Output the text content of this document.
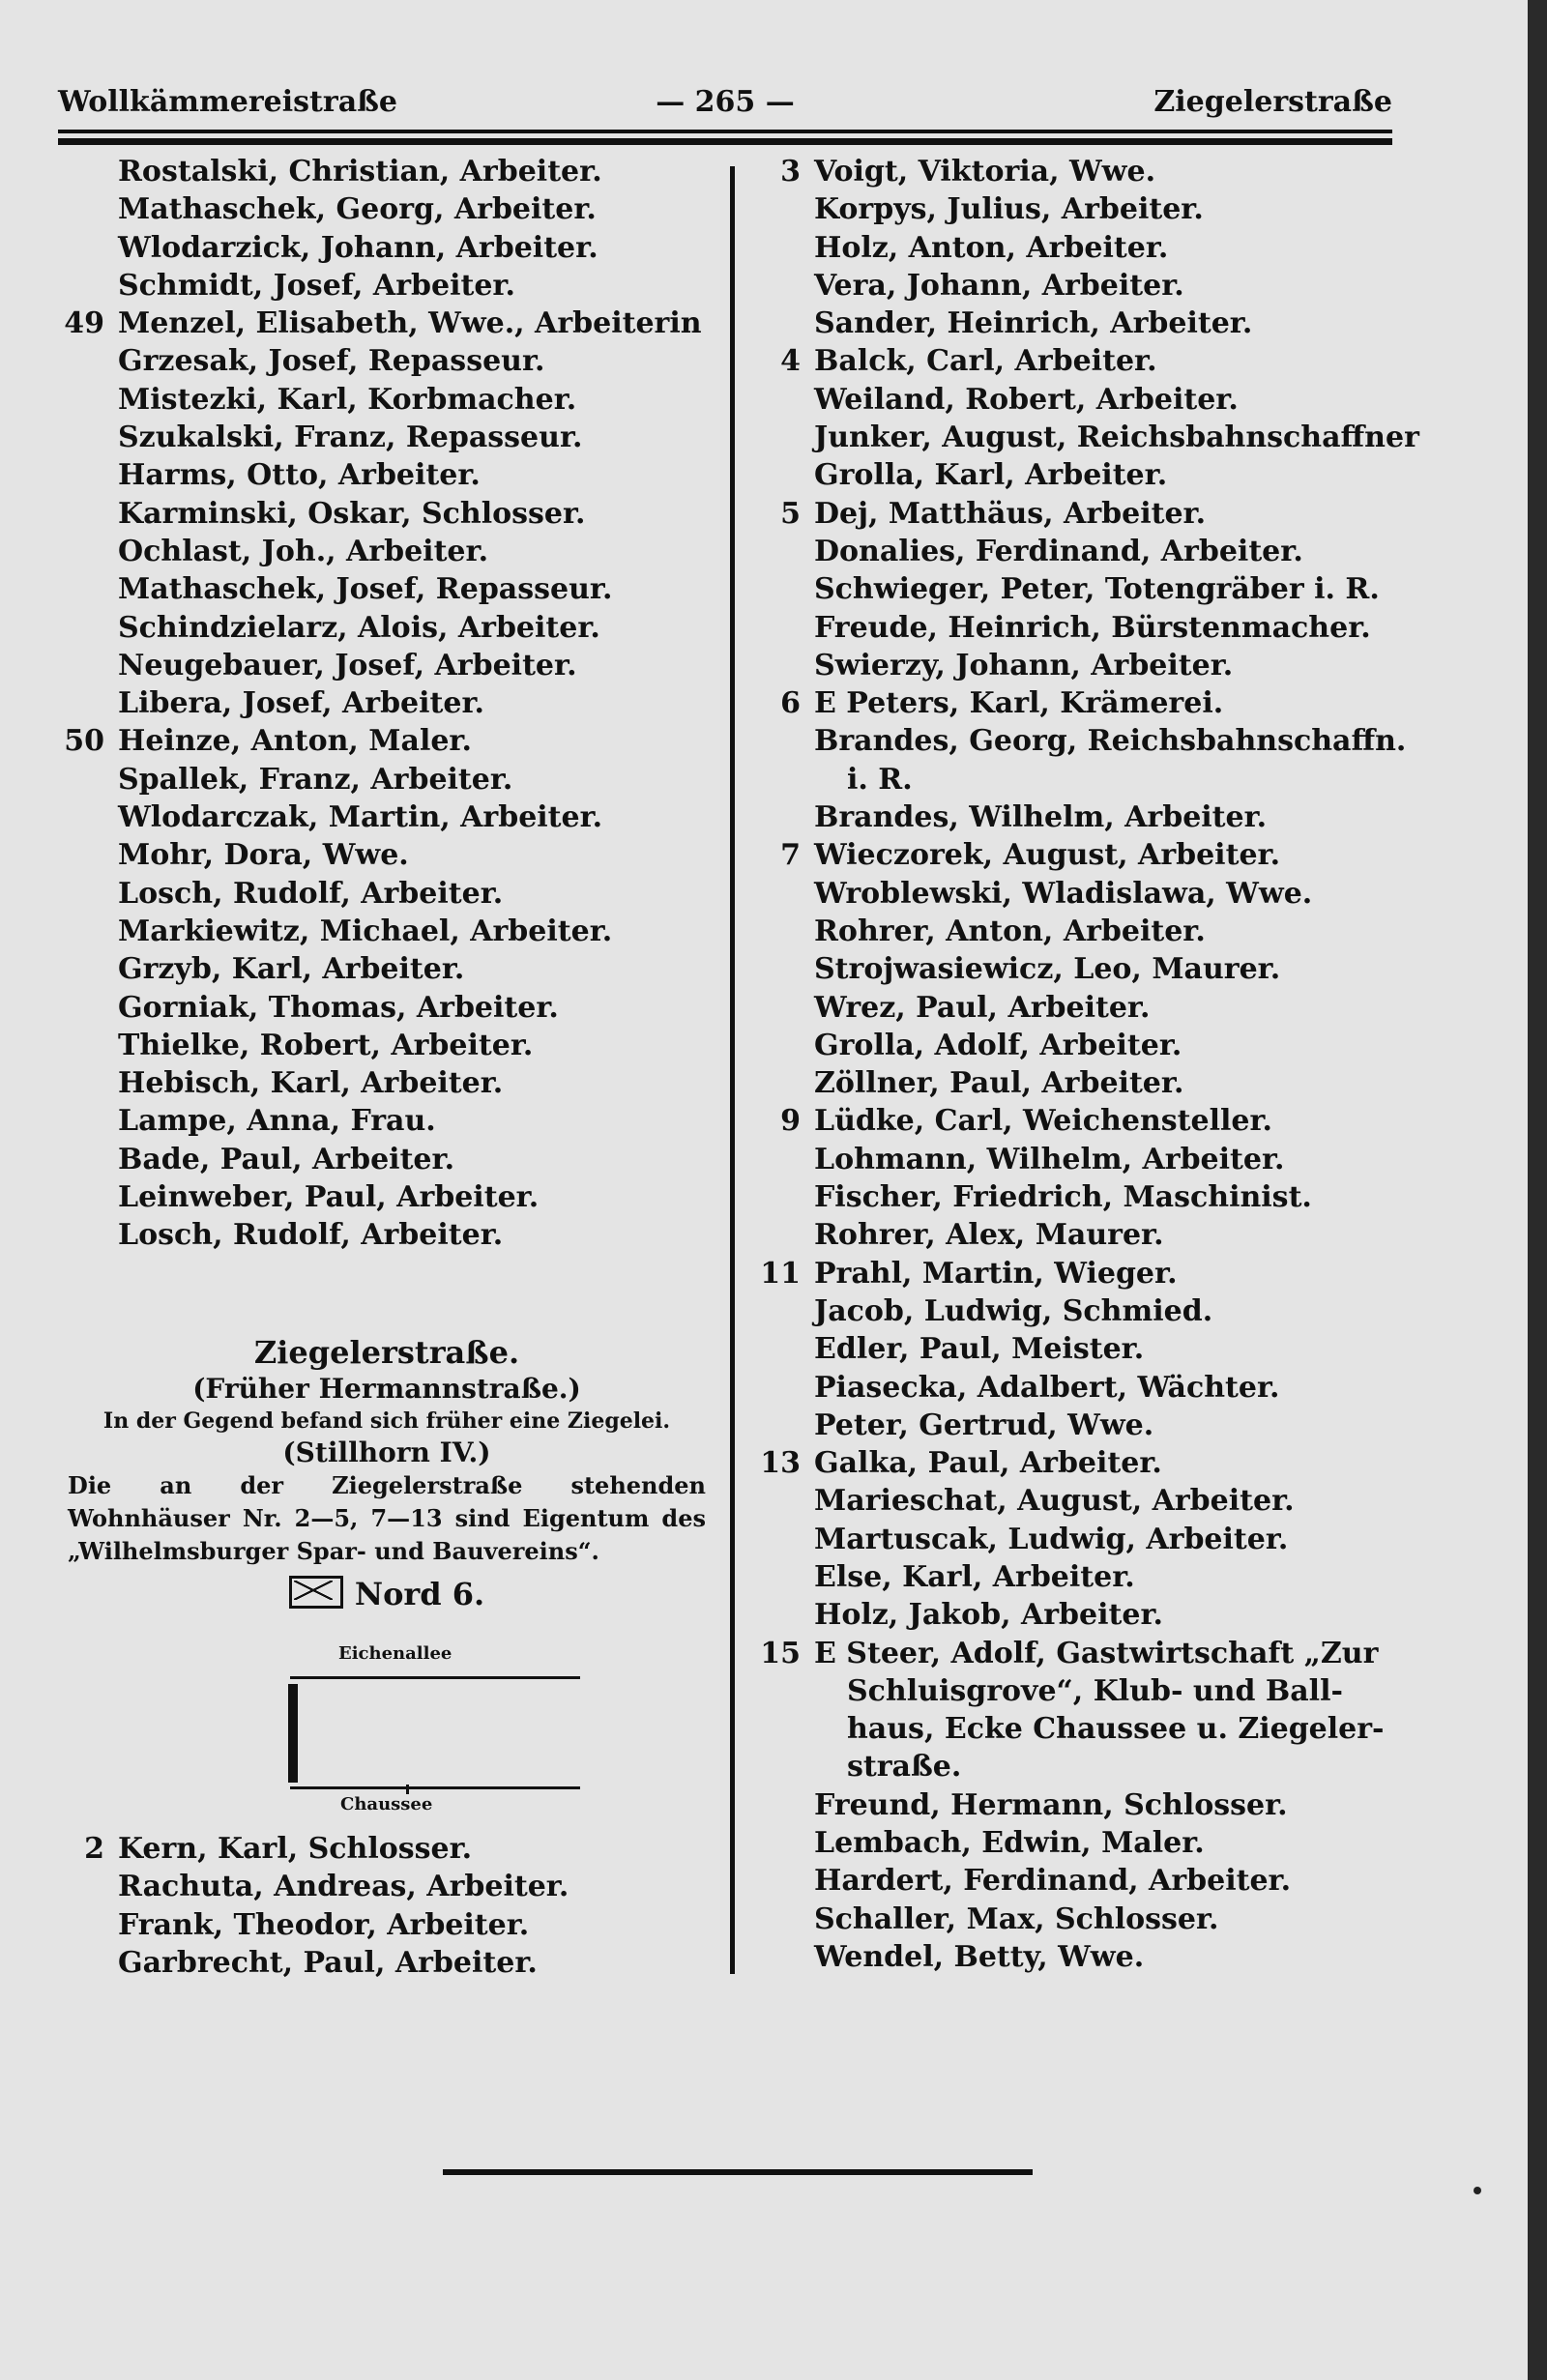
Wollkämmereistraße	— 265 —	Ziegelerstraße
Rostalski, Christian, Arbeiter.
Mathaschek, Georg, Arbeiter.
Wlodarzick, Johann, Arbeiter.
Schmidt, Josef, Arbeiter.
49 Menzel, Elisabeth, Wwe., Arbeiterin
Grzesak, Josef, Repasseur.
Mistezki, Karl, Korbmacher.
Szukalski, Franz, Repasseur.
Harms, Otto, Arbeiter.
Karminski, Oskar, Schlosser.
Ochlast, Joh., Arbeiter.
Mathaschek, Josef, Repasseur.
Schindzielarz, Alois, Arbeiter.
Neugebauer, Josef, Arbeiter.
Libera, Josef, Arbeiter.
50 Heinze, Anton, Maler.
Spallek, Franz, Arbeiter.
Wlodarczak, Martin, Arbeiter.
Mohr, Dora, Wwe.
Losch, Rudolf, Arbeiter.
Markiewitz, Michael, Arbeiter.
Grzyb, Karl, Arbeiter.
Gorniak, Thomas, Arbeiter.
Thielke, Robert, Arbeiter.
Hebisch, Karl, Arbeiter.
Lampe, Anna, Frau.
Bade, Paul, Arbeiter.
Leinweber, Paul, Arbeiter.
Losch, Rudolf, Arbeiter.
Ziegelerstraße.
(Früher Hermannstraße.)
In der Gegend befand sich früher eine Ziegelei.
(Stillhorn IV.)
Die an der Ziegelerstraße stehenden Wohnhäuser Nr. 2—5, 7—13 sind Eigentum des „Wilhelmsburger Spar- und Bauvereins“.
Nord 6.
Eichenallee
Chaussee
2 Kern, Karl, Schlosser.
Rachuta, Andreas, Arbeiter.
Frank, Theodor, Arbeiter.
Garbrecht, Paul, Arbeiter.
3 Voigt, Viktoria, Wwe.
Korpys, Julius, Arbeiter.
Holz, Anton, Arbeiter.
Vera, Johann, Arbeiter.
Sander, Heinrich, Arbeiter.
4 Balck, Carl, Arbeiter.
Weiland, Robert, Arbeiter.
Junker, August, Reichsbahnschaffner
Grolla, Karl, Arbeiter.
5 Dej, Matthäus, Arbeiter.
Donalies, Ferdinand, Arbeiter.
Schwieger, Peter, Totengräber i. R.
Freude, Heinrich, Bürstenmacher.
Swierzy, Johann, Arbeiter.
6 E Peters, Karl, Krämerei.
Brandes, Georg, Reichsbahnschaffn.
i. R.
Brandes, Wilhelm, Arbeiter.
7 Wieczorek, August, Arbeiter.
Wroblewski, Wladislawa, Wwe.
Rohrer, Anton, Arbeiter.
Strojwasiewicz, Leo, Maurer.
Wrez, Paul, Arbeiter.
Grolla, Adolf, Arbeiter.
Zöllner, Paul, Arbeiter.
9 Lüdke, Carl, Weichensteller.
Lohmann, Wilhelm, Arbeiter.
Fischer, Friedrich, Maschinist.
Rohrer, Alex, Maurer.
11 Prahl, Martin, Wieger.
Jacob, Ludwig, Schmied.
Edler, Paul, Meister.
Piasecka, Adalbert, Wächter.
Peter, Gertrud, Wwe.
13 Galka, Paul, Arbeiter.
Marieschat, August, Arbeiter.
Martuscak, Ludwig, Arbeiter.
Else, Karl, Arbeiter.
Holz, Jakob, Arbeiter.
15 E Steer, Adolf, Gastwirtschaft „Zur
Schluisgrove“, Klub- und Ball-
haus, Ecke Chaussee u. Ziegeler-
straße.
Freund, Hermann, Schlosser.
Lembach, Edwin, Maler.
Hardert, Ferdinand, Arbeiter.
Schaller, Max, Schlosser.
Wendel, Betty, Wwe.
